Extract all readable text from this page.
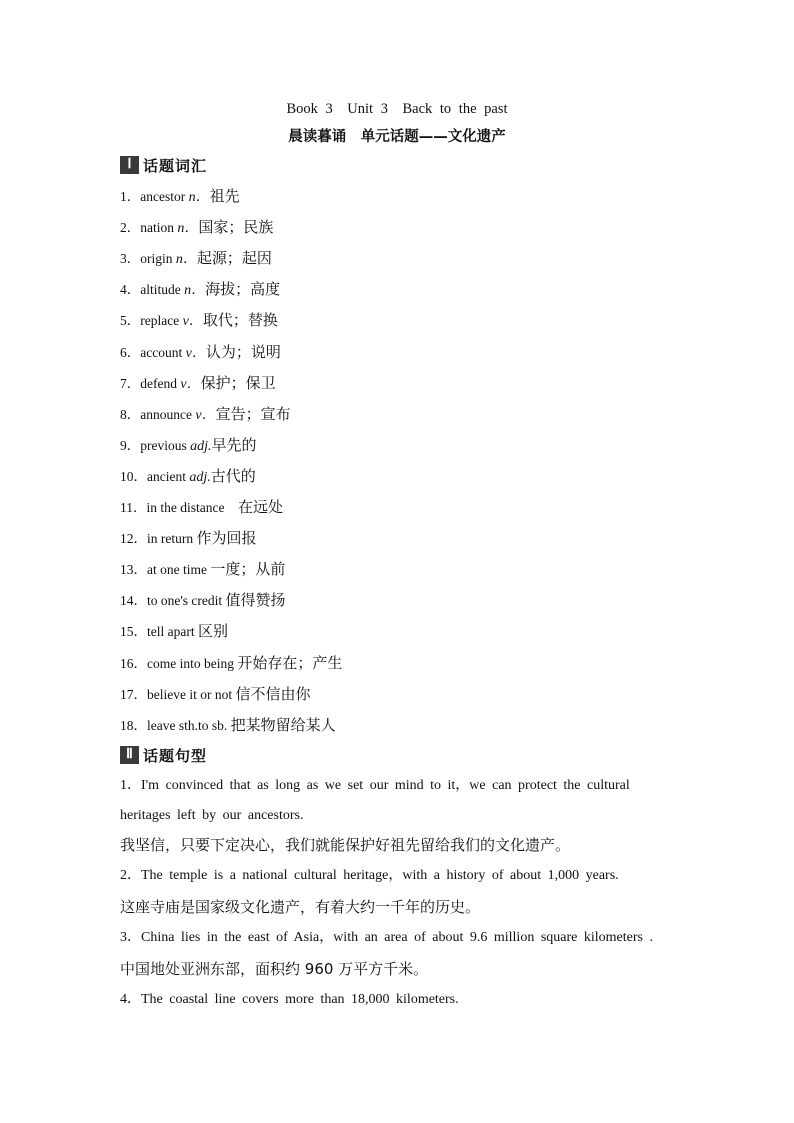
Book 3　Unit 3　Back to the past
晨读暮诵　单元话题——文化遗产
Ⅰ 话题词汇
1．ancestor n．祖先
2．nation n．国家；民族
3．origin n．起源；起因
4．altitude n．海拔；高度
5．replace v．取代；替换
6．account v．认为；说明
7．defend v．保护；保卫
8．announce v．宣告；宣布
9．previous adj.早先的
10．ancient adj.古代的
11．in the distance　在远处
12．in return 作为回报
13．at one time 一度；从前
14．to one's credit 值得赞扬
15．tell apart 区别
16．come into being 开始存在；产生
17．believe it or not 信不信由你
18．leave sth.to sb. 把某物留给某人
Ⅱ 话题句型
1．I'm convinced that as long as we set our mind to it，we can protect the cultural heritages left by our ancestors.
我坚信，只要下定决心，我们就能保护好祖先留给我们的文化遗产。
2．The temple is a national cultural heritage，with a history of about 1,000 years.
这座寺庙是国家级文化遗产，有着大约一千年的历史。
3．China lies in the east of Asia，with an area of about 9.6 million square kilometers .
中国地处亚洲东部，面积约 960 万平方千米。
4．The coastal line covers more than 18,000 kilometers.
